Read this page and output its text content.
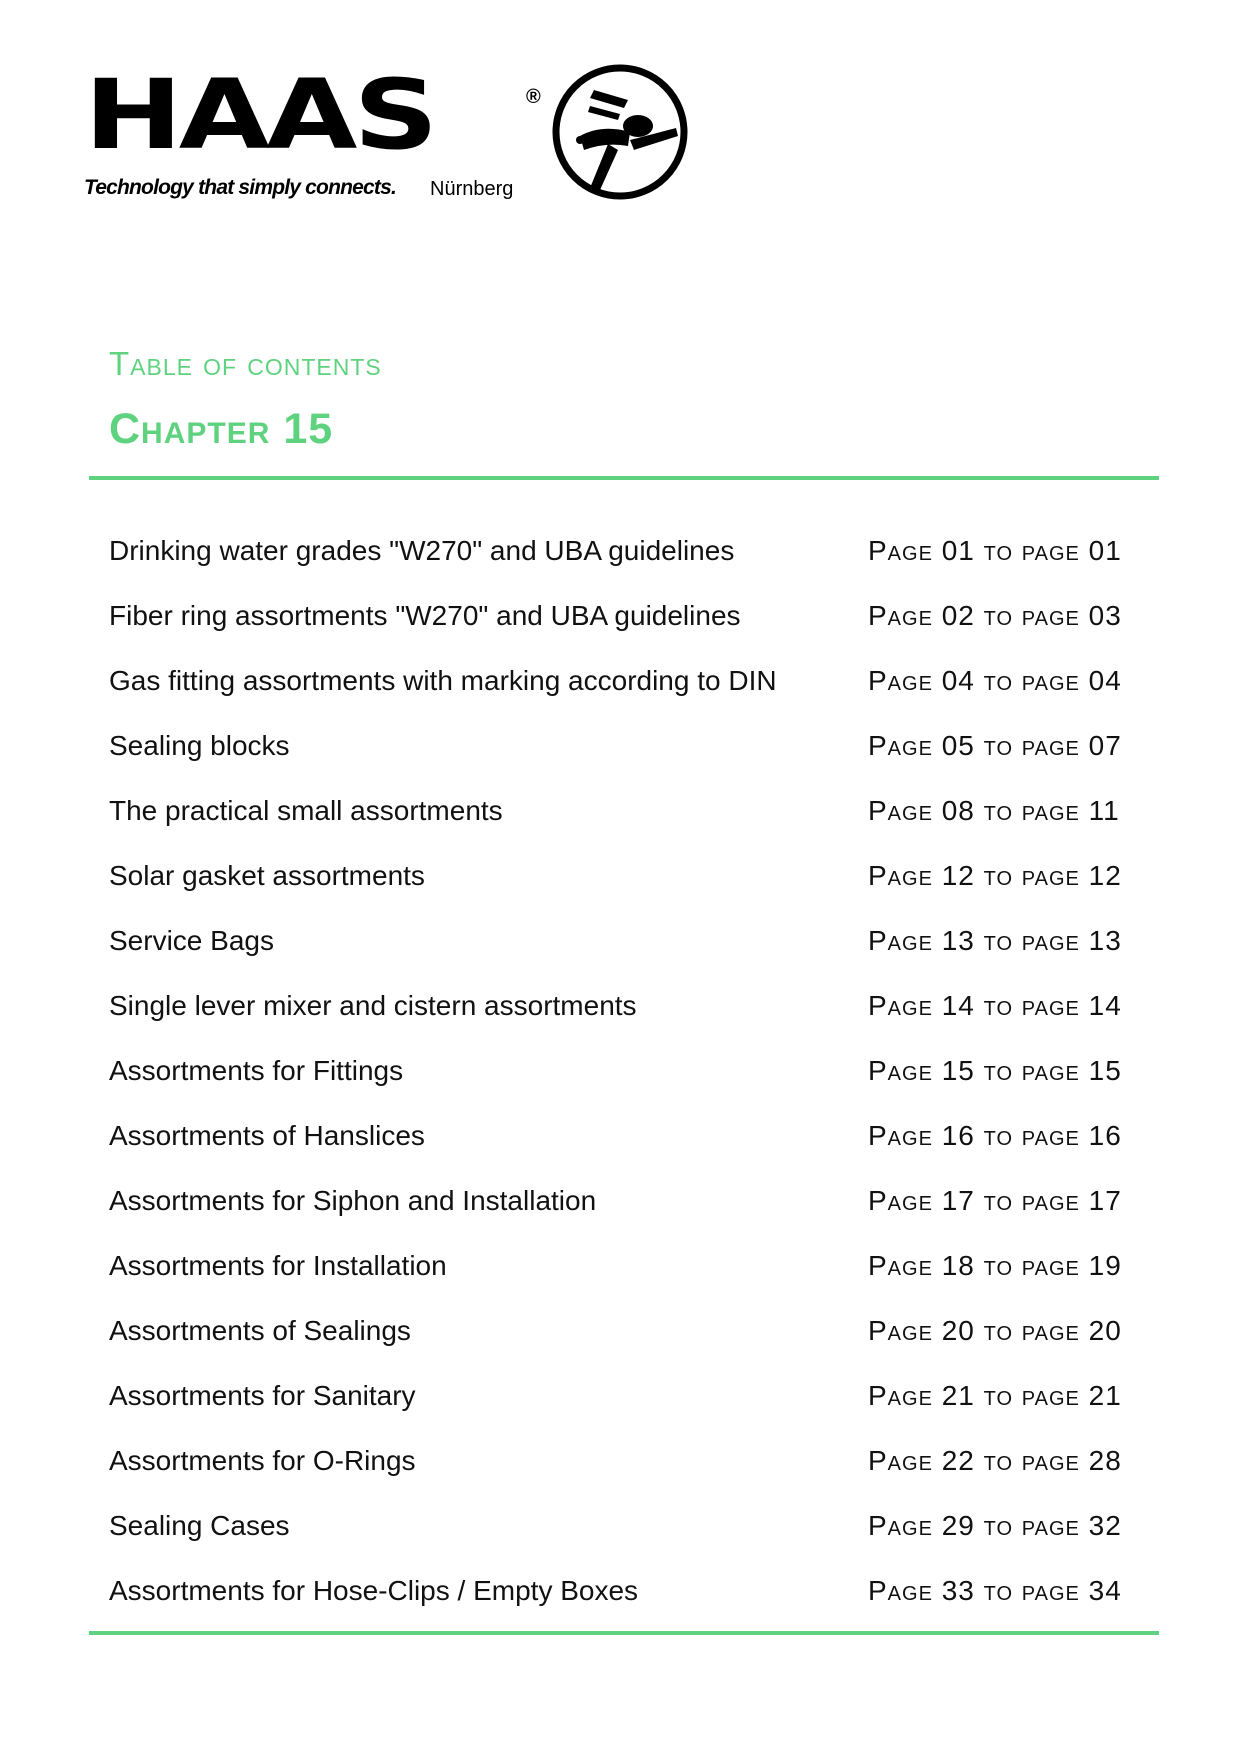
HAAS	®
Technology that simply connects. Nürnberg
Table of contents
Chapter 15
Drinking water grades "W270" and UBA guidelines	Page 01 to page 01
Fiber ring assortments "W270" and UBA guidelines	Page 02 to page 03
Gas fitting assortments with marking according to DIN	Page 04 to page 04
Sealing blocks	Page 05 to page 07
The practical small assortments	Page 08 to page 11
Solar gasket assortments	Page 12 to page 12
Service Bags	Page 13 to page 13
Single lever mixer and cistern assortments	Page 14 to page 14
Assortments for Fittings	Page 15 to page 15
Assortments of Hanslices	Page 16 to page 16
Assortments for Siphon and Installation	Page 17 to page 17
Assortments for Installation	Page 18 to page 19
Assortments of Sealings	Page 20 to page 20
Assortments for Sanitary	Page 21 to page 21
Assortments for O-Rings	Page 22 to page 28
Sealing Cases	Page 29 to page 32
Assortments for Hose-Clips / Empty Boxes	Page 33 to page 34
